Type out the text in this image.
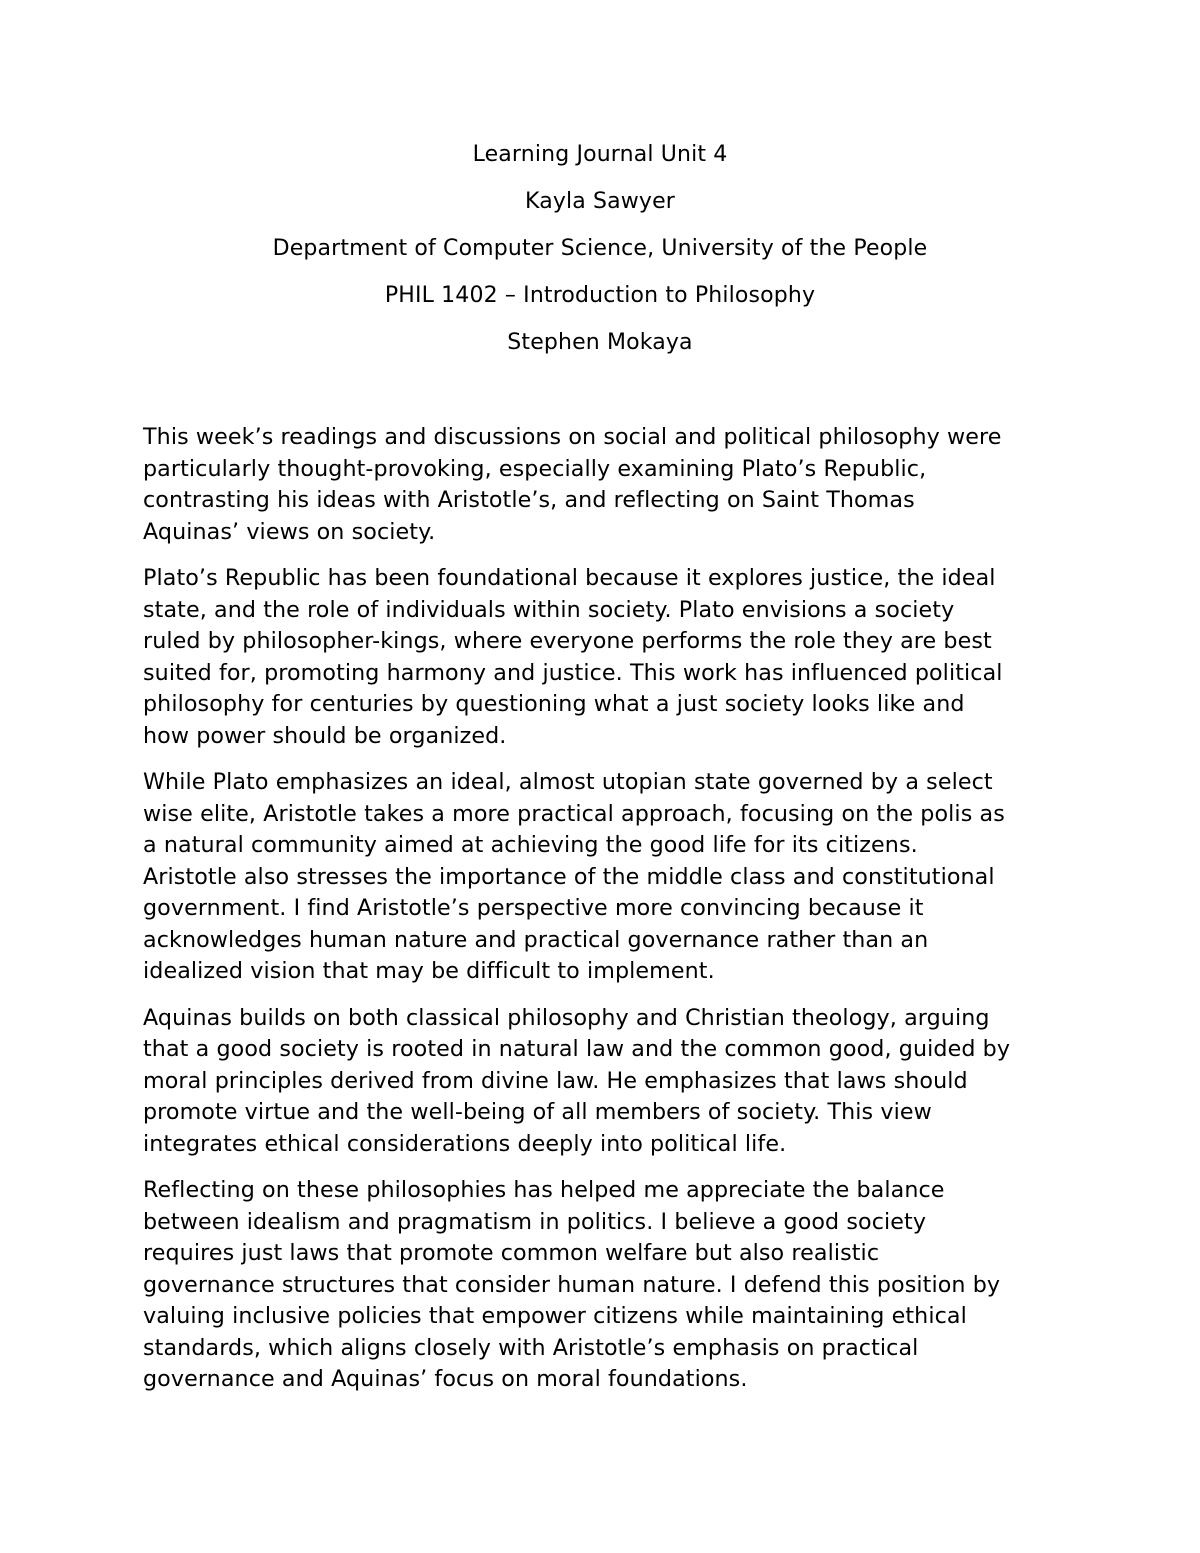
Learning Journal Unit 4
Kayla Sawyer
Department of Computer Science, University of the People
PHIL 1402 – Introduction to Philosophy
Stephen Mokaya

This week’s readings and discussions on social and political philosophy were
particularly thought-provoking, especially examining Plato’s Republic,
contrasting his ideas with Aristotle’s, and reflecting on Saint Thomas
Aquinas’ views on society.

Plato’s Republic has been foundational because it explores justice, the ideal
state, and the role of individuals within society. Plato envisions a society
ruled by philosopher-kings, where everyone performs the role they are best
suited for, promoting harmony and justice. This work has influenced political
philosophy for centuries by questioning what a just society looks like and
how power should be organized.

While Plato emphasizes an ideal, almost utopian state governed by a select
wise elite, Aristotle takes a more practical approach, focusing on the polis as
a natural community aimed at achieving the good life for its citizens.
Aristotle also stresses the importance of the middle class and constitutional
government. I find Aristotle’s perspective more convincing because it
acknowledges human nature and practical governance rather than an
idealized vision that may be difficult to implement.

Aquinas builds on both classical philosophy and Christian theology, arguing
that a good society is rooted in natural law and the common good, guided by
moral principles derived from divine law. He emphasizes that laws should
promote virtue and the well-being of all members of society. This view
integrates ethical considerations deeply into political life.

Reflecting on these philosophies has helped me appreciate the balance
between idealism and pragmatism in politics. I believe a good society
requires just laws that promote common welfare but also realistic
governance structures that consider human nature. I defend this position by
valuing inclusive policies that empower citizens while maintaining ethical
standards, which aligns closely with Aristotle’s emphasis on practical
governance and Aquinas’ focus on moral foundations.
